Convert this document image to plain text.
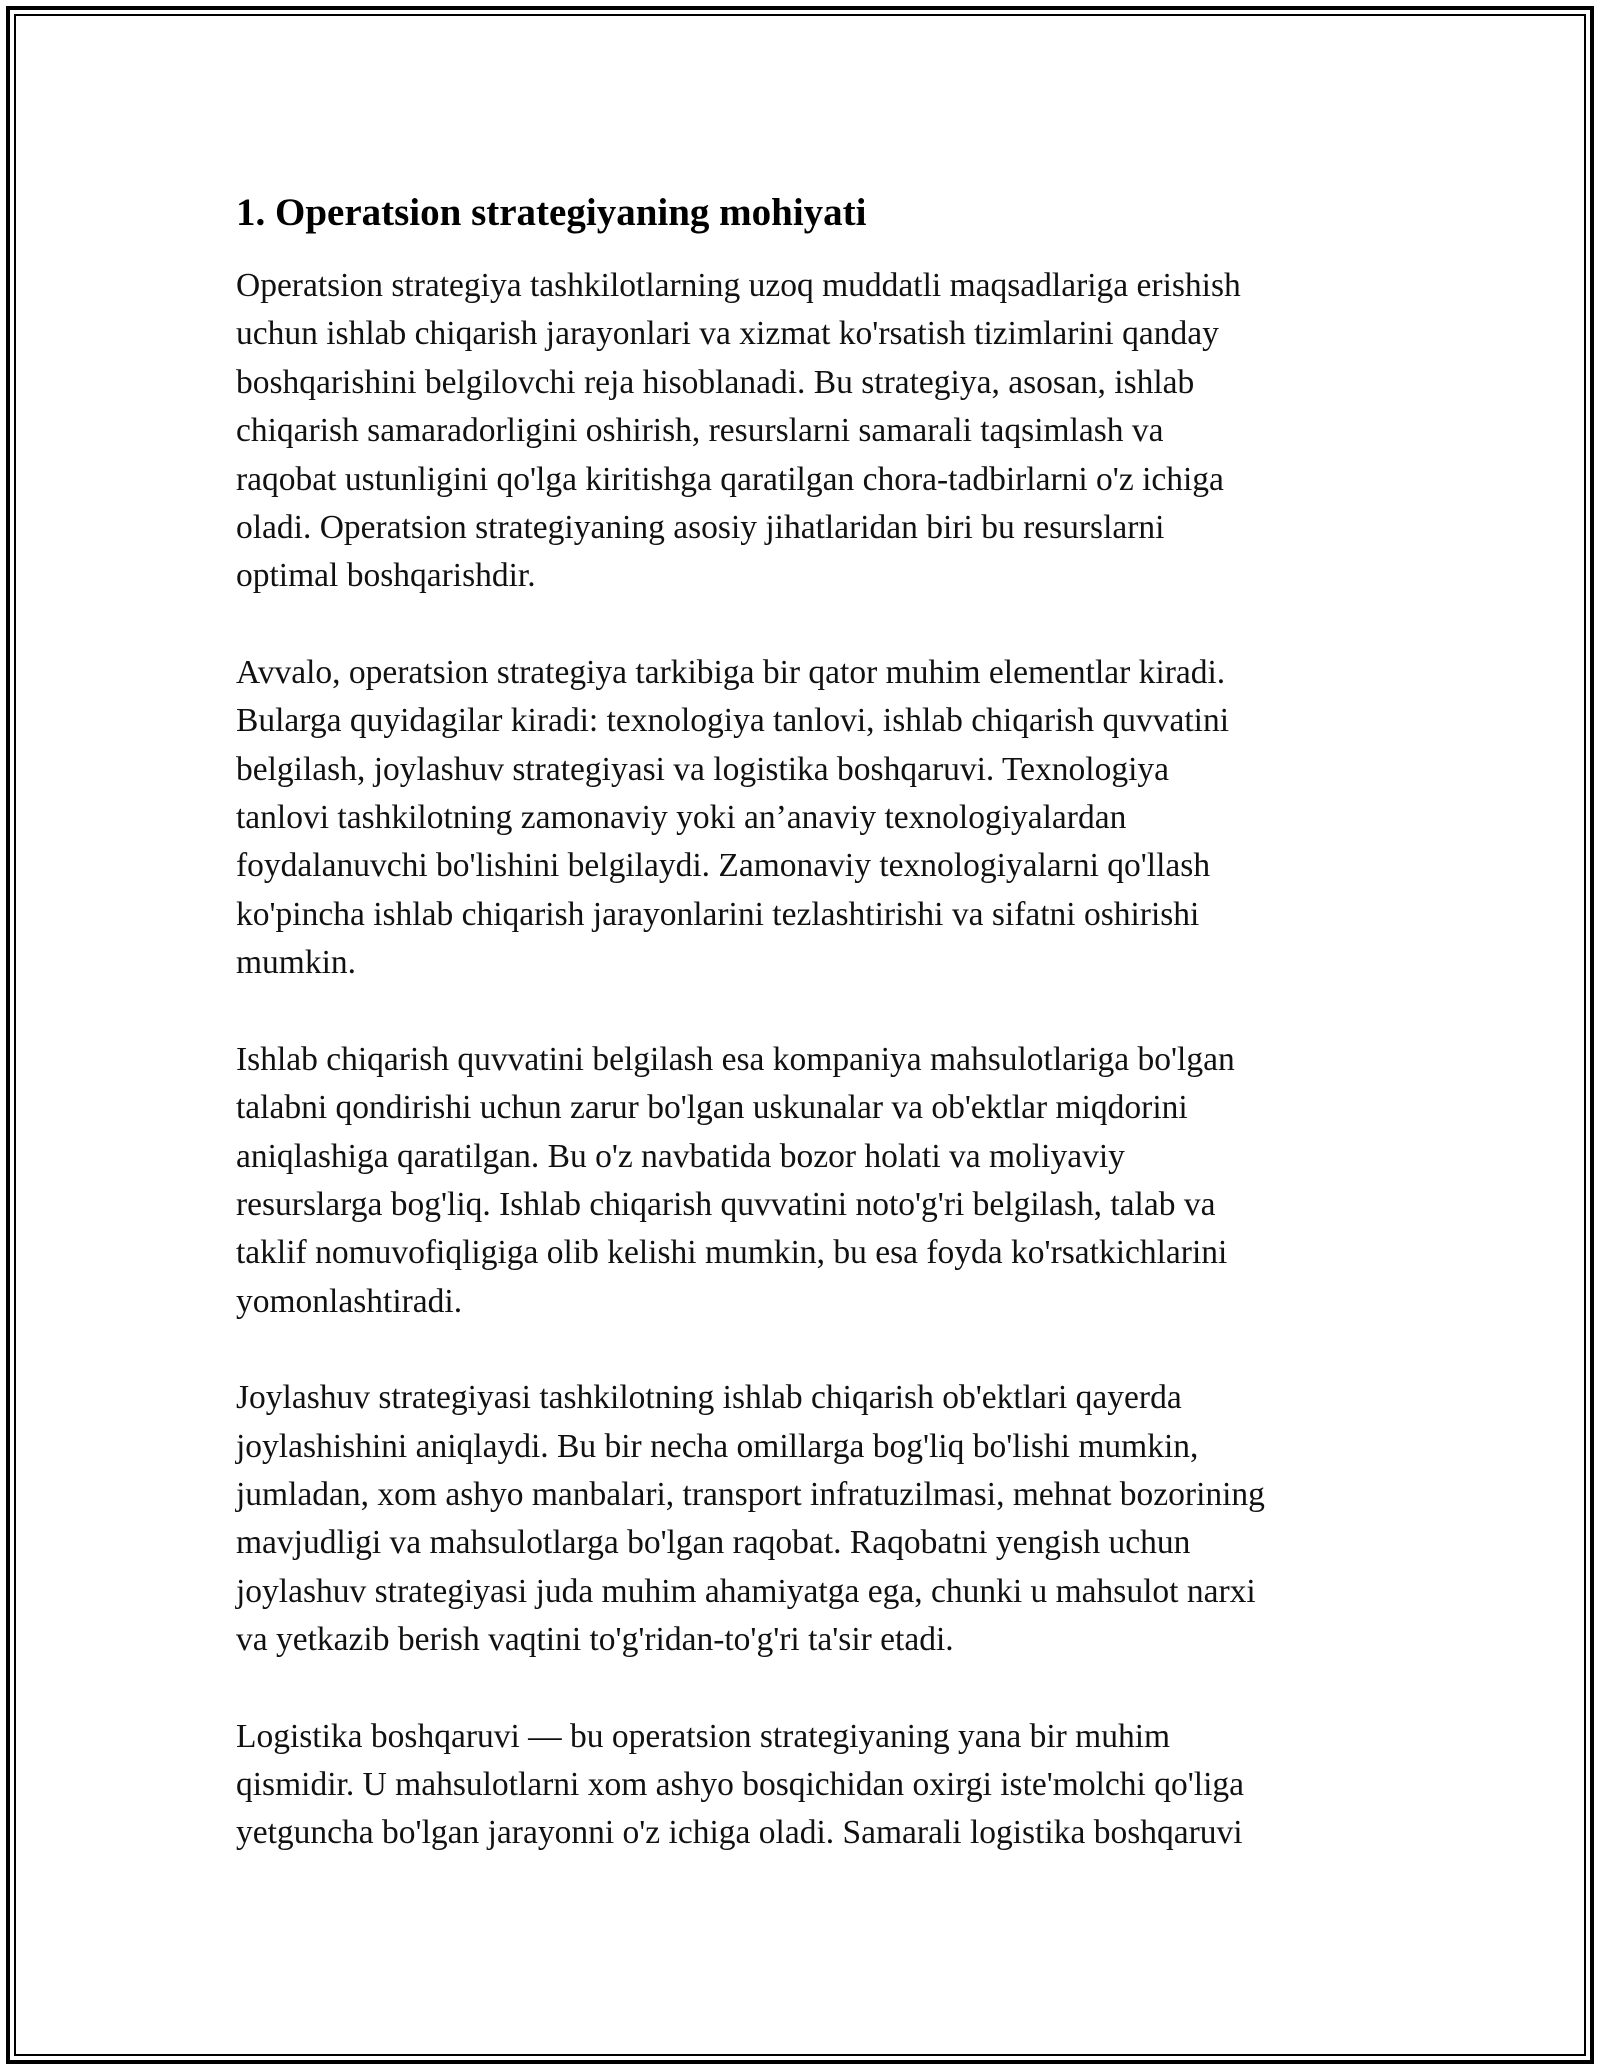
1. Operatsion strategiyaning mohiyati

Operatsion strategiya tashkilotlarning uzoq muddatli maqsadlariga erishish
uchun ishlab chiqarish jarayonlari va xizmat ko'rsatish tizimlarini qanday
boshqarishini belgilovchi reja hisoblanadi. Bu strategiya, asosan, ishlab
chiqarish samaradorligini oshirish, resurslarni samarali taqsimlash va
raqobat ustunligini qo'lga kiritishga qaratilgan chora-tadbirlarni o'z ichiga
oladi. Operatsion strategiyaning asosiy jihatlaridan biri bu resurslarni
optimal boshqarishdir.

Avvalo, operatsion strategiya tarkibiga bir qator muhim elementlar kiradi.
Bularga quyidagilar kiradi: texnologiya tanlovi, ishlab chiqarish quvvatini
belgilash, joylashuv strategiyasi va logistika boshqaruvi. Texnologiya
tanlovi tashkilotning zamonaviy yoki an’anaviy texnologiyalardan
foydalanuvchi bo'lishini belgilaydi. Zamonaviy texnologiyalarni qo'llash
ko'pincha ishlab chiqarish jarayonlarini tezlashtirishi va sifatni oshirishi
mumkin.

Ishlab chiqarish quvvatini belgilash esa kompaniya mahsulotlariga bo'lgan
talabni qondirishi uchun zarur bo'lgan uskunalar va ob'ektlar miqdorini
aniqlashiga qaratilgan. Bu o'z navbatida bozor holati va moliyaviy
resurslarga bog'liq. Ishlab chiqarish quvvatini noto'g'ri belgilash, talab va
taklif nomuvofiqligiga olib kelishi mumkin, bu esa foyda ko'rsatkichlarini
yomonlashtiradi.

Joylashuv strategiyasi tashkilotning ishlab chiqarish ob'ektlari qayerda
joylashishini aniqlaydi. Bu bir necha omillarga bog'liq bo'lishi mumkin,
jumladan, xom ashyo manbalari, transport infratuzilmasi, mehnat bozorining
mavjudligi va mahsulotlarga bo'lgan raqobat. Raqobatni yengish uchun
joylashuv strategiyasi juda muhim ahamiyatga ega, chunki u mahsulot narxi
va yetkazib berish vaqtini to'g'ridan-to'g'ri ta'sir etadi.

Logistika boshqaruvi — bu operatsion strategiyaning yana bir muhim
qismidir. U mahsulotlarni xom ashyo bosqichidan oxirgi iste'molchi qo'liga
yetguncha bo'lgan jarayonni o'z ichiga oladi. Samarali logistika boshqaruvi
